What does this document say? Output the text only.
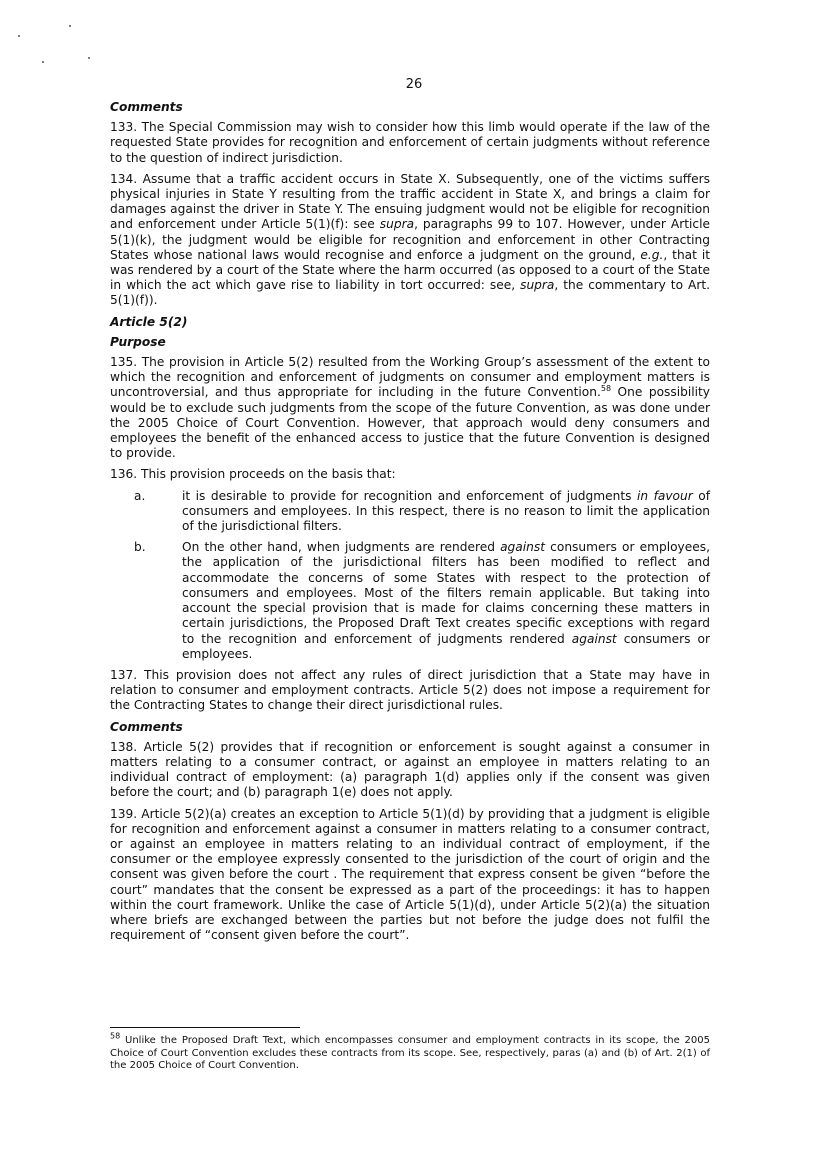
26
Comments
133. The Special Commission may wish to consider how this limb would operate if the law of the requested State provides for recognition and enforcement of certain judgments without reference to the question of indirect jurisdiction.
134. Assume that a traffic accident occurs in State X. Subsequently, one of the victims suffers physical injuries in State Y resulting from the traffic accident in State X, and brings a claim for damages against the driver in State Y. The ensuing judgment would not be eligible for recognition and enforcement under Article 5(1)(f): see supra, paragraphs 99 to 107. However, under Article 5(1)(k), the judgment would be eligible for recognition and enforcement in other Contracting States whose national laws would recognise and enforce a judgment on the ground, e.g., that it was rendered by a court of the State where the harm occurred (as opposed to a court of the State in which the act which gave rise to liability in tort occurred: see, supra, the commentary to Art. 5(1)(f)).
Article 5(2)
Purpose
135. The provision in Article 5(2) resulted from the Working Group’s assessment of the extent to which the recognition and enforcement of judgments on consumer and employment matters is uncontroversial, and thus appropriate for including in the future Convention.$^{58}$ One possibility would be to exclude such judgments from the scope of the future Convention, as was done under the 2005 Choice of Court Convention. However, that approach would deny consumers and employees the benefit of the enhanced access to justice that the future Convention is designed to provide.
136. This provision proceeds on the basis that:
a.	it is desirable to provide for recognition and enforcement of judgments in favour of consumers and employees. In this respect, there is no reason to limit the application of the jurisdictional filters.
b.	On the other hand, when judgments are rendered against consumers or employees, the application of the jurisdictional filters has been modified to reflect and accommodate the concerns of some States with respect to the protection of consumers and employees. Most of the filters remain applicable. But taking into account the special provision that is made for claims concerning these matters in certain jurisdictions, the Proposed Draft Text creates specific exceptions with regard to the recognition and enforcement of judgments rendered against consumers or employees.
137. This provision does not affect any rules of direct jurisdiction that a State may have in relation to consumer and employment contracts. Article 5(2) does not impose a requirement for the Contracting States to change their direct jurisdictional rules.
Comments
138. Article 5(2) provides that if recognition or enforcement is sought against a consumer in matters relating to a consumer contract, or against an employee in matters relating to an individual contract of employment: (a) paragraph 1(d) applies only if the consent was given before the court; and (b) paragraph 1(e) does not apply.
139. Article 5(2)(a) creates an exception to Article 5(1)(d) by providing that a judgment is eligible for recognition and enforcement against a consumer in matters relating to a consumer contract, or against an employee in matters relating to an individual contract of employment, if the consumer or the employee expressly consented to the jurisdiction of the court of origin and the consent was given before the court . The requirement that express consent be given “before the court” mandates that the consent be expressed as a part of the proceedings: it has to happen within the court framework. Unlike the case of Article 5(1)(d), under Article 5(2)(a) the situation where briefs are exchanged between the parties but not before the judge does not fulfil the requirement of “consent given before the court”.
$^{58}$ Unlike the Proposed Draft Text, which encompasses consumer and employment contracts in its scope, the 2005 Choice of Court Convention excludes these contracts from its scope. See, respectively, paras (a) and (b) of Art. 2(1) of the 2005 Choice of Court Convention.
